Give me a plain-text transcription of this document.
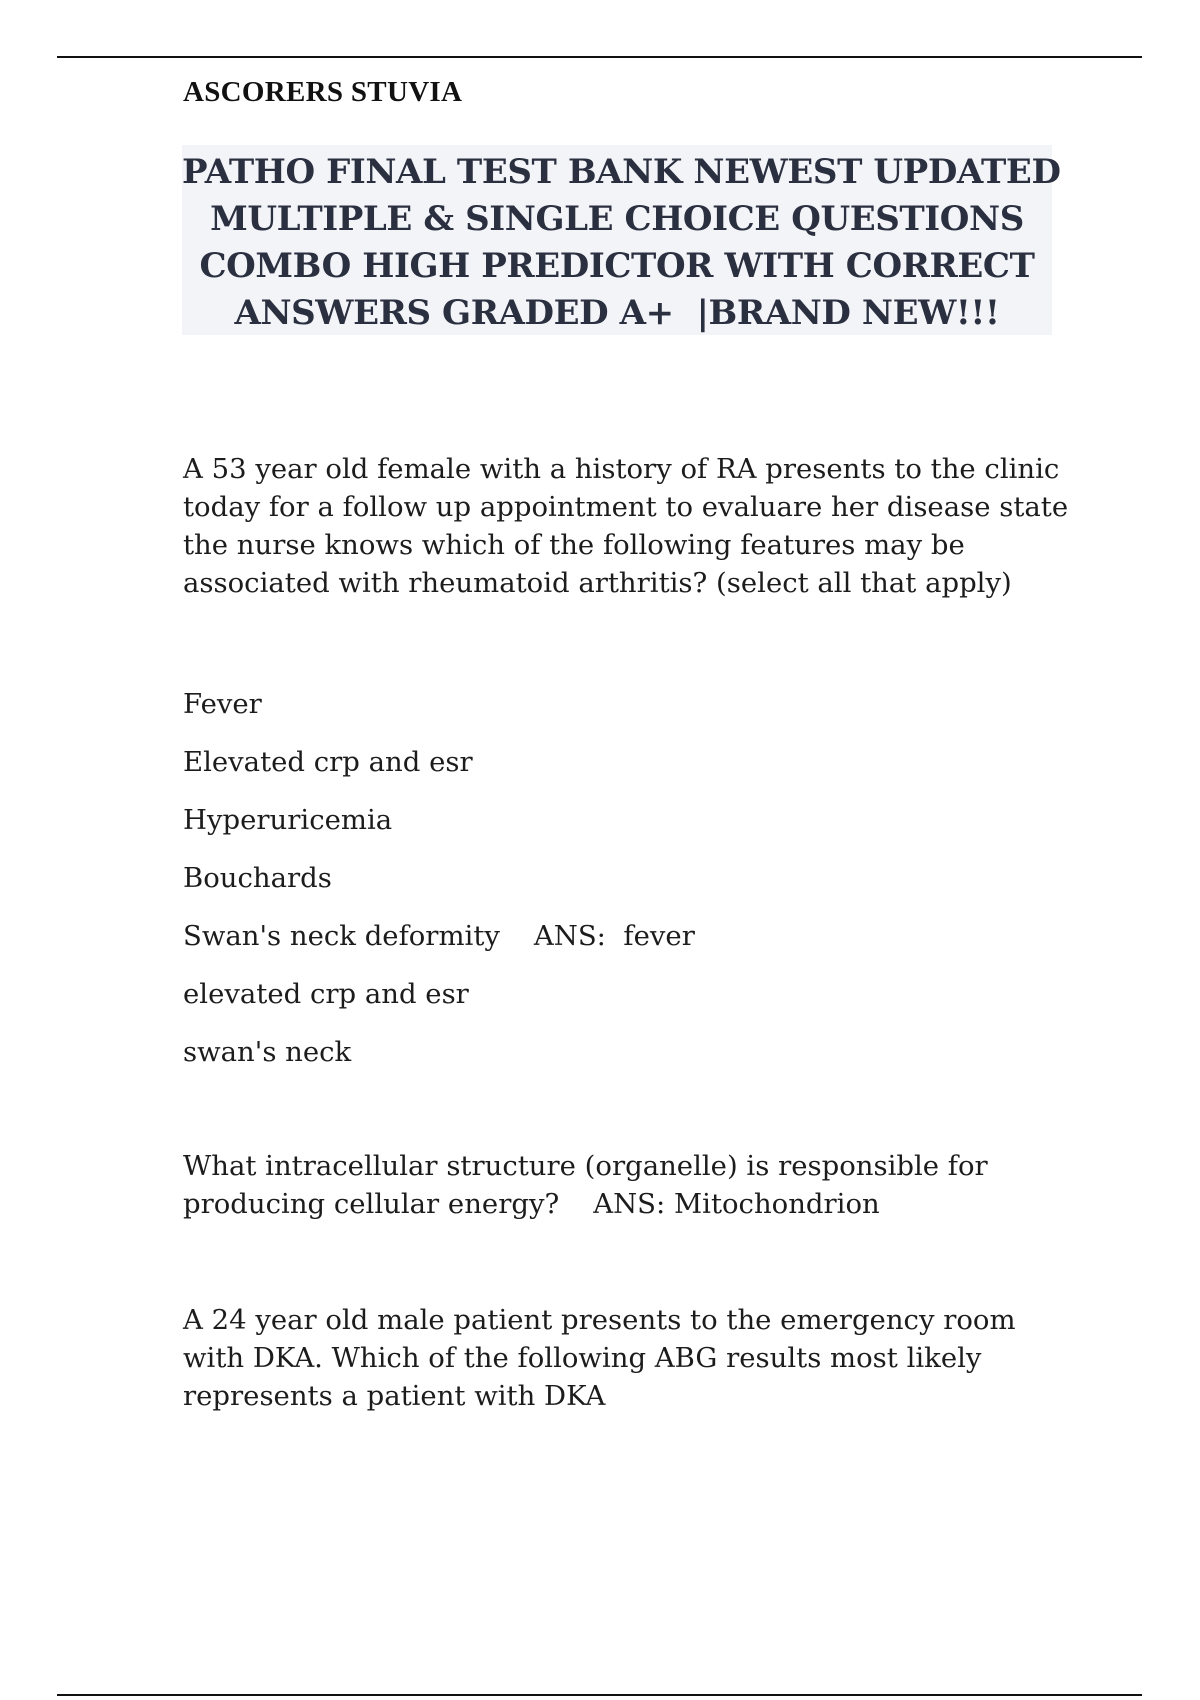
ASCORERS STUVIA
PATHO FINAL TEST BANK NEWEST UPDATED
MULTIPLE & SINGLE CHOICE QUESTIONS
COMBO HIGH PREDICTOR WITH CORRECT
ANSWERS GRADED A+  |BRAND NEW!!!

A 53 year old female with a history of RA presents to the clinic today for a follow up appointment to evaluare her disease state the nurse knows which of the following features may be associated with rheumatoid arthritis? (select all that apply)

Fever
Elevated crp and esr
Hyperuricemia
Bouchards
Swan's neck deformity ANS:  fever
elevated crp and esr
swan's neck

What intracellular structure (organelle) is responsible for producing cellular energy? ANS: Mitochondrion

A 24 year old male patient presents to the emergency room with DKA. Which of the following ABG results most likely represents a patient with DKA
